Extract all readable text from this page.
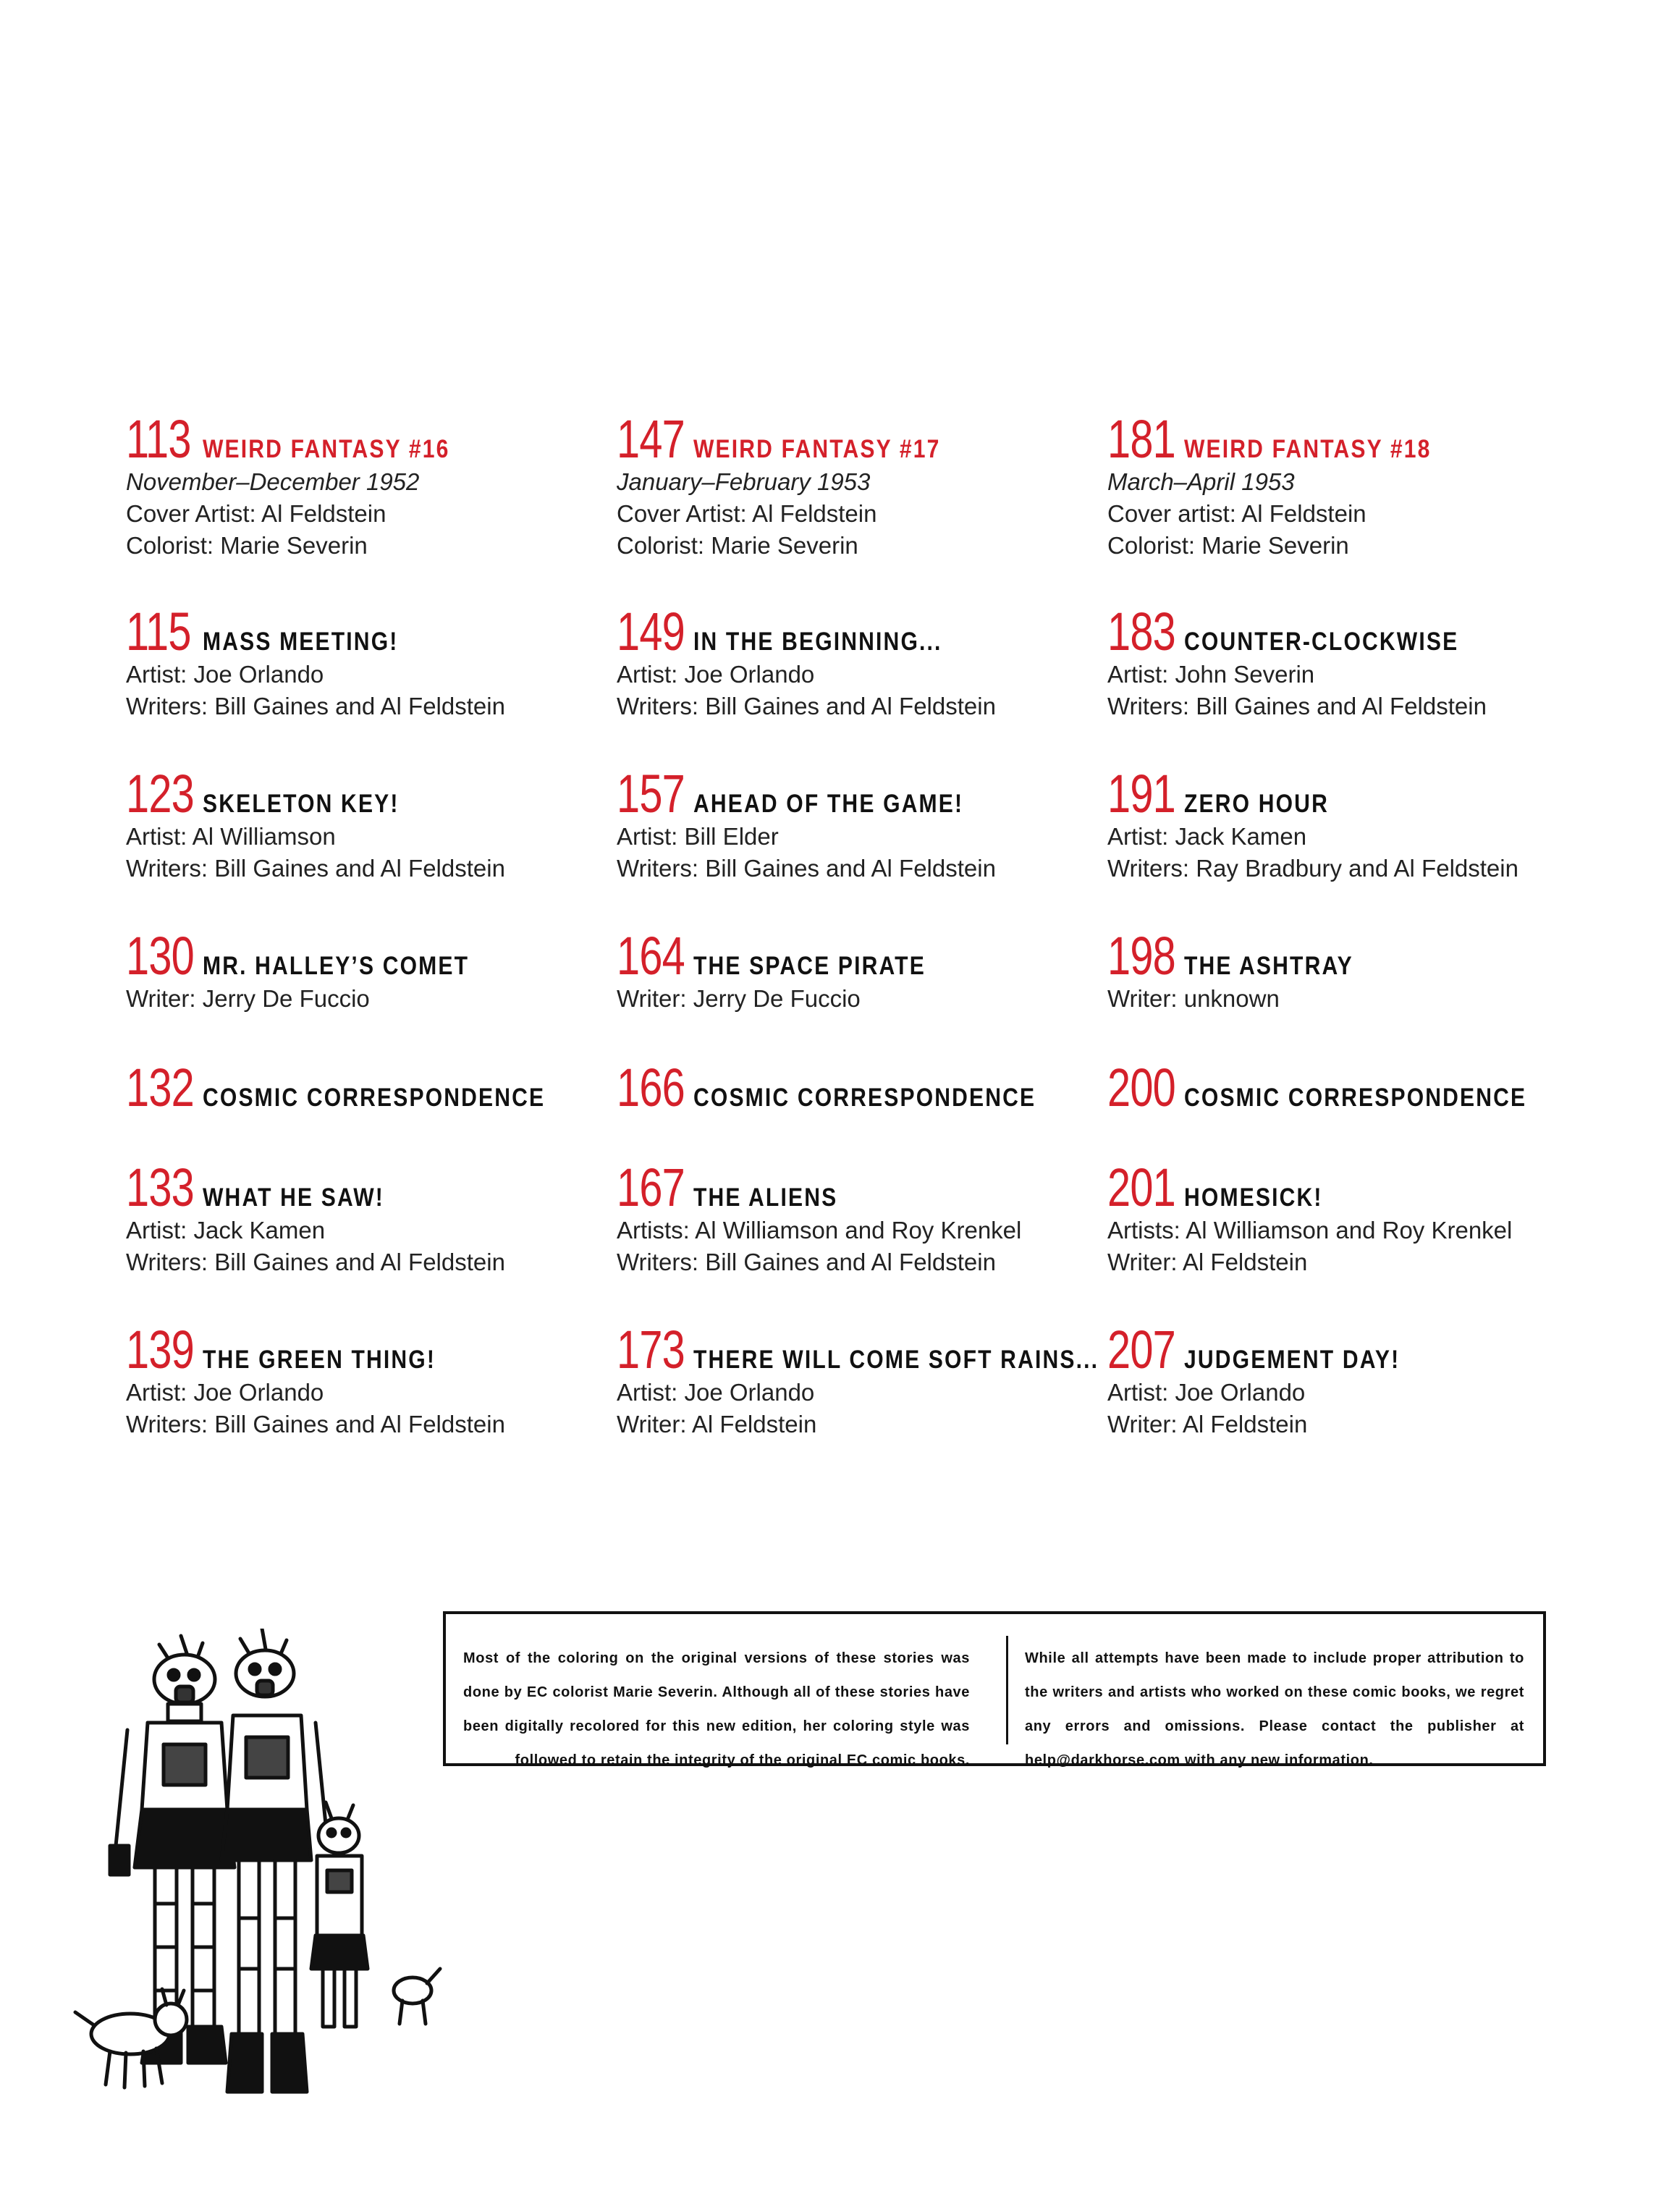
113 WEIRD FANTASY #16
November–December 1952
Cover Artist: Al Feldstein
Colorist: Marie Severin
115 MASS MEETING!
Artist: Joe Orlando
Writers: Bill Gaines and Al Feldstein
123 SKELETON KEY!
Artist: Al Williamson
Writers: Bill Gaines and Al Feldstein
130 MR. HALLEY’S COMET
Writer: Jerry De Fuccio
132 COSMIC CORRESPONDENCE
133 WHAT HE SAW!
Artist: Jack Kamen
Writers: Bill Gaines and Al Feldstein
139 THE GREEN THING!
Artist: Joe Orlando
Writers: Bill Gaines and Al Feldstein
147 WEIRD FANTASY #17
January–February 1953
Cover Artist: Al Feldstein
Colorist: Marie Severin
149 IN THE BEGINNING...
Artist: Joe Orlando
Writers: Bill Gaines and Al Feldstein
157 AHEAD OF THE GAME!
Artist: Bill Elder
Writers: Bill Gaines and Al Feldstein
164 THE SPACE PIRATE
Writer: Jerry De Fuccio
166 COSMIC CORRESPONDENCE
167 THE ALIENS
Artists: Al Williamson and Roy Krenkel
Writers: Bill Gaines and Al Feldstein
173 THERE WILL COME SOFT RAINS...
Artist: Joe Orlando
Writer: Al Feldstein
181 WEIRD FANTASY #18
March–April 1953
Cover artist: Al Feldstein
Colorist: Marie Severin
183 COUNTER-CLOCKWISE
Artist: John Severin
Writers: Bill Gaines and Al Feldstein
191 ZERO HOUR
Artist: Jack Kamen
Writers: Ray Bradbury and Al Feldstein
198 THE ASHTRAY
Writer: unknown
200 COSMIC CORRESPONDENCE
201 HOMESICK!
Artists: Al Williamson and Roy Krenkel
Writer: Al Feldstein
207 JUDGEMENT DAY!
Artist: Joe Orlando
Writer: Al Feldstein
Most of the coloring on the original versions of these stories was done by EC colorist Marie Severin. Although all of these stories have been digitally recolored for this new edition, her coloring style was followed to retain the integrity of the original EC comic books.
While all attempts have been made to include proper attribution to the writers and artists who worked on these comic books, we regret any errors and omissions. Please contact the publisher at help@darkhorse.com with any new information.
